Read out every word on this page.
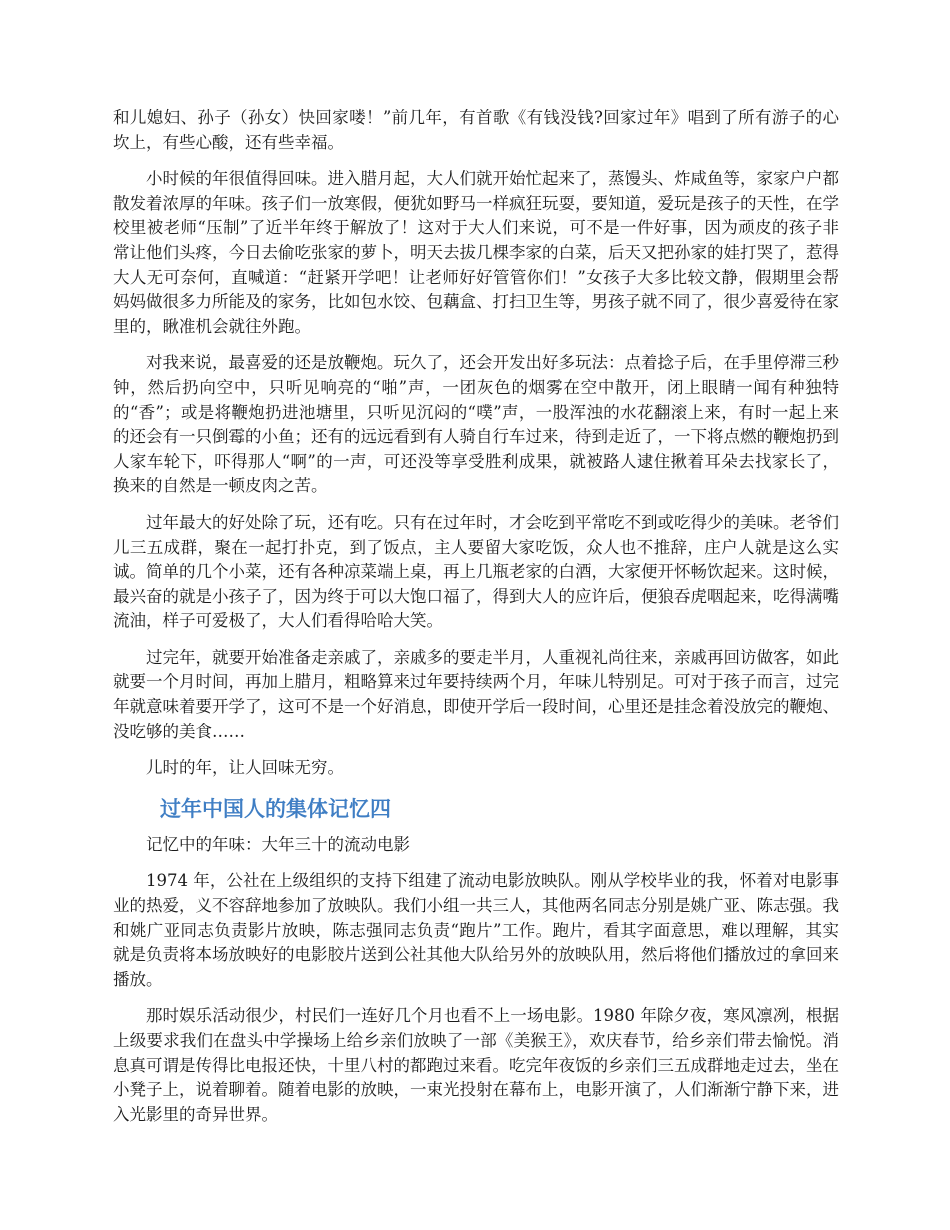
和儿媳妇、孙子（孙女）快回家喽！”前几年，有首歌《有钱没钱?回家过年》唱到了所有游子的心坎上，有些心酸，还有些幸福。

小时候的年很值得回味。进入腊月起，大人们就开始忙起来了，蒸馒头、炸咸鱼等，家家户户都散发着浓厚的年味。孩子们一放寒假，便犹如野马一样疯狂玩耍，要知道，爱玩是孩子的天性，在学校里被老师“压制”了近半年终于解放了！这对于大人们来说，可不是一件好事，因为顽皮的孩子非常让他们头疼，今日去偷吃张家的萝卜，明天去拔几棵李家的白菜，后天又把孙家的娃打哭了，惹得大人无可奈何，直喊道：“赶紧开学吧！让老师好好管管你们！”女孩子大多比较文静，假期里会帮妈妈做很多力所能及的家务，比如包水饺、包藕盒、打扫卫生等，男孩子就不同了，很少喜爱待在家里的，瞅准机会就往外跑。

对我来说，最喜爱的还是放鞭炮。玩久了，还会开发出好多玩法：点着捻子后，在手里停滞三秒钟，然后扔向空中，只听见响亮的“啪”声，一团灰色的烟雾在空中散开，闭上眼睛一闻有种独特的“香”；或是将鞭炮扔进池塘里，只听见沉闷的“噗”声，一股浑浊的水花翻滚上来，有时一起上来的还会有一只倒霉的小鱼；还有的远远看到有人骑自行车过来，待到走近了，一下将点燃的鞭炮扔到人家车轮下，吓得那人“啊”的一声，可还没等享受胜利成果，就被路人逮住揪着耳朵去找家长了，换来的自然是一顿皮肉之苦。

过年最大的好处除了玩，还有吃。只有在过年时，才会吃到平常吃不到或吃得少的美味。老爷们儿三五成群，聚在一起打扑克，到了饭点，主人要留大家吃饭，众人也不推辞，庄户人就是这么实诚。简单的几个小菜，还有各种凉菜端上桌，再上几瓶老家的白酒，大家便开怀畅饮起来。这时候，最兴奋的就是小孩子了，因为终于可以大饱口福了，得到大人的应许后，便狼吞虎咽起来，吃得满嘴流油，样子可爱极了，大人们看得哈哈大笑。

过完年，就要开始准备走亲戚了，亲戚多的要走半月，人重视礼尚往来，亲戚再回访做客，如此就要一个月时间，再加上腊月，粗略算来过年要持续两个月，年味儿特别足。可对于孩子而言，过完年就意味着要开学了，这可不是一个好消息，即使开学后一段时间，心里还是挂念着没放完的鞭炮、没吃够的美食……

儿时的年，让人回味无穷。

过年中国人的集体记忆四

记忆中的年味：大年三十的流动电影

1974 年，公社在上级组织的支持下组建了流动电影放映队。刚从学校毕业的我，怀着对电影事业的热爱，义不容辞地参加了放映队。我们小组一共三人，其他两名同志分别是姚广亚、陈志强。我和姚广亚同志负责影片放映，陈志强同志负责“跑片”工作。跑片，看其字面意思，难以理解，其实就是负责将本场放映好的电影胶片送到公社其他大队给另外的放映队用，然后将他们播放过的拿回来播放。

那时娱乐活动很少，村民们一连好几个月也看不上一场电影。1980 年除夕夜，寒风凛冽，根据上级要求我们在盘头中学操场上给乡亲们放映了一部《美猴王》，欢庆春节，给乡亲们带去愉悦。消息真可谓是传得比电报还快，十里八村的都跑过来看。吃完年夜饭的乡亲们三五成群地走过去，坐在小凳子上，说着聊着。随着电影的放映，一束光投射在幕布上，电影开演了，人们渐渐宁静下来，进入光影里的奇异世界。
